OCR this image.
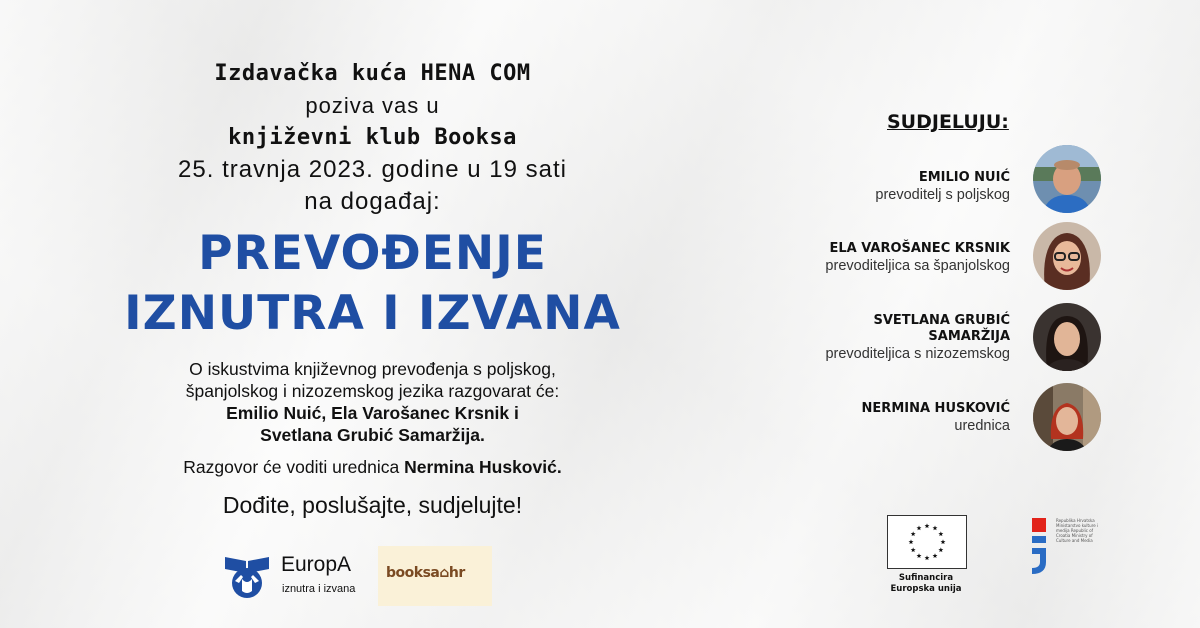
Izdavačka kuća HENA COM
poziva vas u
književni klub Booksa
25. travnja 2023. godine u 19 sati
na događaj:
PREVOĐENJE
IZNUTRA I IZVANA
O iskustvima književnog prevođenja s poljskog,
španjolskog i nizozemskog jezika razgovarat će:
Emilio Nuić, Ela Varošanec Krsnik i
Svetlana Grubić Samaržija.
Razgovor će voditi urednica Nermina Husković.
Dođite, poslušajte, sudjelujte!
EuropA
iznutra i izvana
booksa⌂hr
SUDJELUJU:
EMILIO NUIĆ
prevoditelj s poljskog
ELA VAROŠANEC KRSNIK
prevoditeljica sa španjolskog
SVETLANA GRUBIĆ
SAMARŽIJA
prevoditeljica s nizozemskog
NERMINA HUSKOVIĆ
urednica
Sufinancira
Europska unija
Republika Hrvatska Ministarstvo kulture i medija Republic of Croatia Ministry of Culture and Media
